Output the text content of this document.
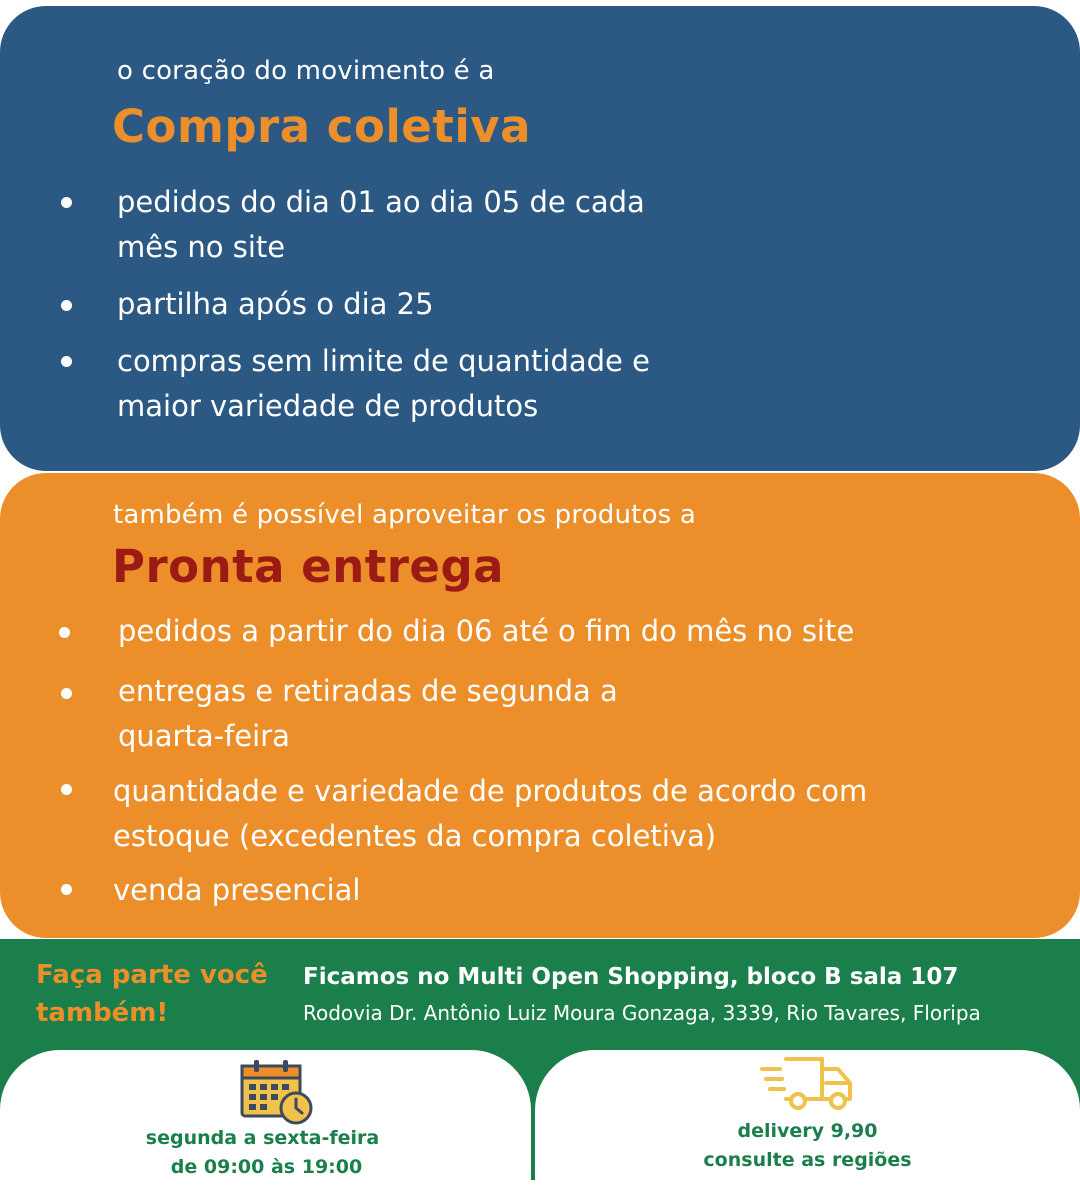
o coração do movimento é a
Compra coletiva
pedidos do dia 01 ao dia 05 de cada
mês no site
partilha após o dia 25
compras sem limite de quantidade e
maior variedade de produtos
também é possível aproveitar os produtos a
Pronta entrega
pedidos a partir do dia 06 até o fim do mês no site
entregas e retiradas de segunda a
quarta-feira
quantidade e variedade de produtos de acordo com
estoque (excedentes da compra coletiva)
venda presencial
Faça parte você
também!
Ficamos no Multi Open Shopping, bloco B sala 107
Rodovia Dr. Antônio Luiz Moura Gonzaga, 3339, Rio Tavares, Floripa
segunda a sexta-feira
de 09:00 às 19:00
delivery 9,90
consulte as regiões
